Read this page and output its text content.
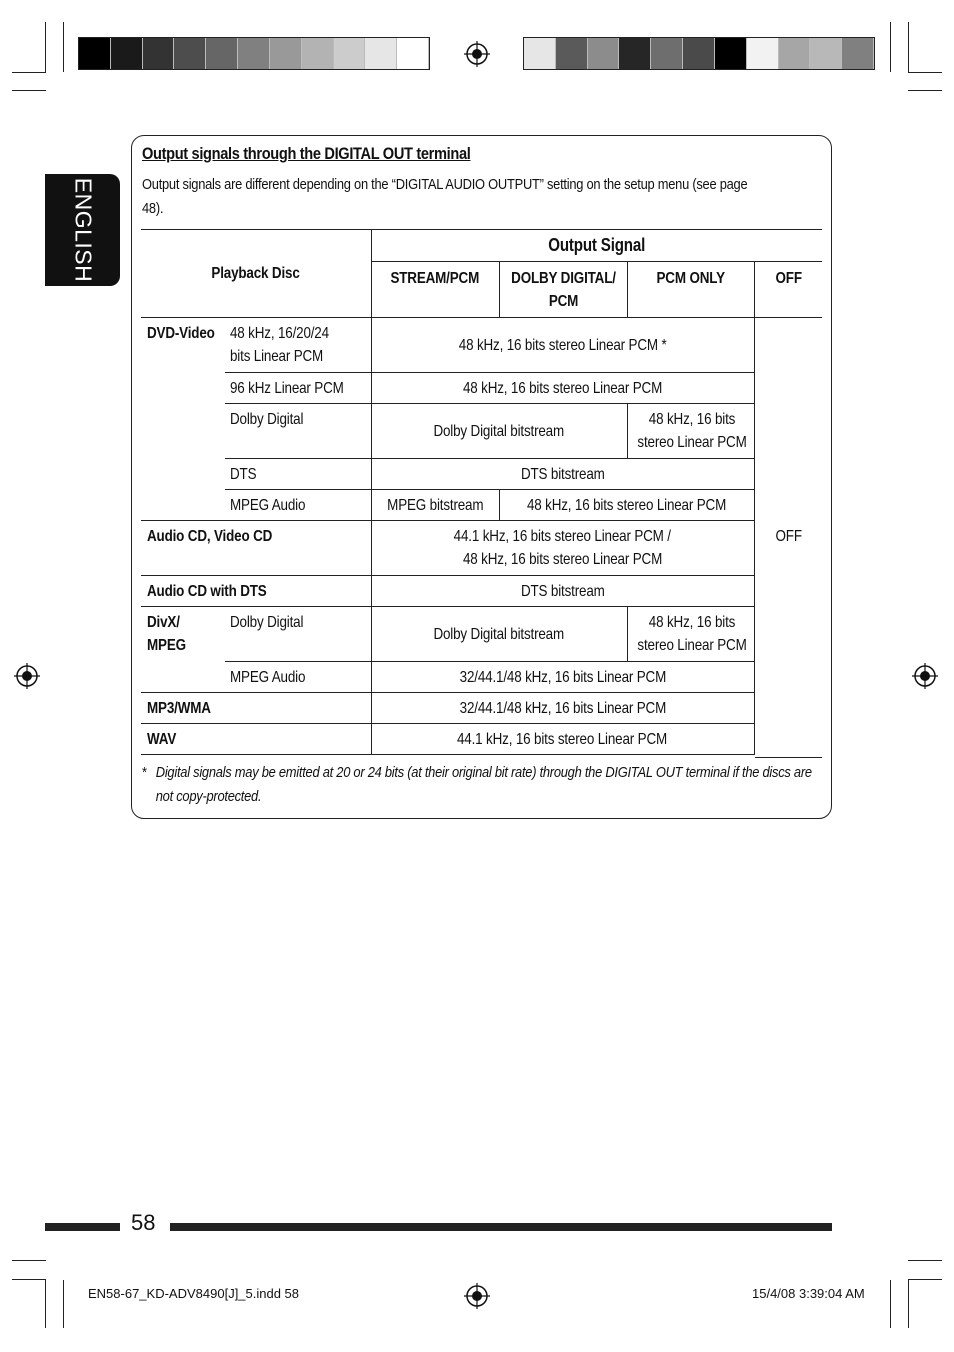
ENGLISH
Output signals through the DIGITAL OUT terminal
Output signals are different depending on the “DIGITAL AUDIO OUTPUT” setting on the setup menu (see page 48).
Playback Disc		Output Signal			
		STREAM/PCM	DOLBY DIGITAL/ PCM	PCM ONLY	OFF
DVD-Video	48 kHz, 16/20/24 bits Linear PCM	48 kHz, 16 bits stereo Linear PCM *			OFF
	96 kHz Linear PCM	48 kHz, 16 bits stereo Linear PCM			
	Dolby Digital	Dolby Digital bitstream		48 kHz, 16 bits stereo Linear PCM	
	DTS	DTS bitstream			
	MPEG Audio	MPEG bitstream	48 kHz, 16 bits stereo Linear PCM		
Audio CD, Video CD		44.1 kHz, 16 bits stereo Linear PCM /
48 kHz, 16 bits stereo Linear PCM			
Audio CD with DTS		DTS bitstream			
DivX/ MPEG	Dolby Digital	Dolby Digital bitstream		48 kHz, 16 bits stereo Linear PCM	
	MPEG Audio	32/44.1/48 kHz, 16 bits Linear PCM			
MP3/WMA		32/44.1/48 kHz, 16 bits Linear PCM			
WAV		44.1 kHz, 16 bits stereo Linear PCM			
* Digital signals may be emitted at 20 or 24 bits (at their original bit rate) through the DIGITAL OUT terminal if the discs are not copy-protected.
58
EN58-67_KD-ADV8490[J]_5.indd 58	15/4/08 3:39:04 AM
